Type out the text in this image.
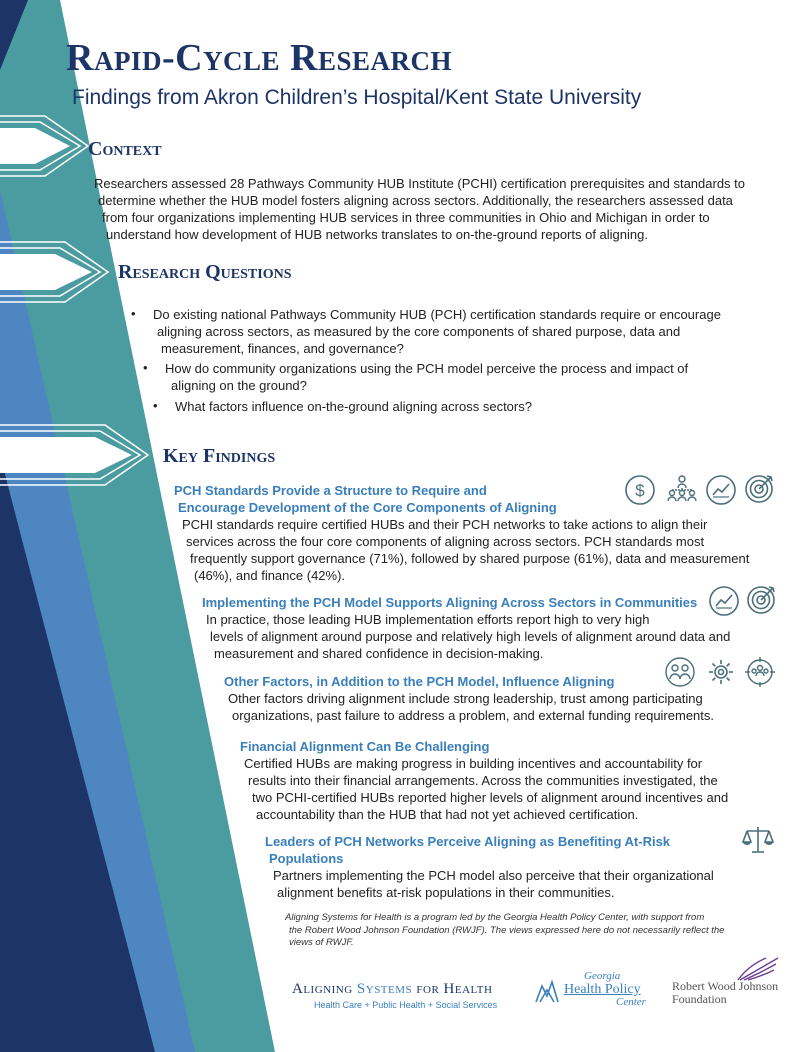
Rapid-Cycle Research
Findings from Akron Children’s Hospital/Kent State University
Context
Researchers assessed 28 Pathways Community HUB Institute (PCHI) certification prerequisites and standards to
determine whether the HUB model fosters aligning across sectors. Additionally, the researchers assessed data
from four organizations implementing HUB services in three communities in Ohio and Michigan in order to
understand how development of HUB networks translates to on-the-ground reports of aligning.
Research Questions
• Do existing national Pathways Community HUB (PCH) certification standards require or encourage
aligning across sectors, as measured by the core components of shared purpose, data and
measurement, finances, and governance?
• How do community organizations using the PCH model perceive the process and impact of
aligning on the ground?
• What factors influence on-the-ground aligning across sectors?
Key Findings
PCH Standards Provide a Structure to Require and
Encourage Development of the Core Components of Aligning
PCHI standards require certified HUBs and their PCH networks to take actions to align their
services across the four core components of aligning across sectors. PCH standards most
frequently support governance (71%), followed by shared purpose (61%), data and measurement
(46%), and finance (42%).
$
Implementing the PCH Model Supports Aligning Across Sectors in Communities
In practice, those leading HUB implementation efforts report high to very high
levels of alignment around purpose and relatively high levels of alignment around data and
measurement and shared confidence in decision-making.
Other Factors, in Addition to the PCH Model, Influence Aligning
Other factors driving alignment include strong leadership, trust among participating
organizations, past failure to address a problem, and external funding requirements.
Financial Alignment Can Be Challenging
Certified HUBs are making progress in building incentives and accountability for
results into their financial arrangements. Across the communities investigated, the
two PCHI-certified HUBs reported higher levels of alignment around incentives and
accountability than the HUB that had not yet achieved certification.
Leaders of PCH Networks Perceive Aligning as Benefiting At-Risk
Populations
Partners implementing the PCH model also perceive that their organizational
alignment benefits at-risk populations in their communities.
Aligning Systems for Health is a program led by the Georgia Health Policy Center, with support from
the Robert Wood Johnson Foundation (RWJF). The views expressed here do not necessarily reflect the
views of RWJF.
Aligning Systems for Health
Health Care + Public Health + Social Services
Georgia
Health Policy
Center
Robert Wood Johnson
Foundation
